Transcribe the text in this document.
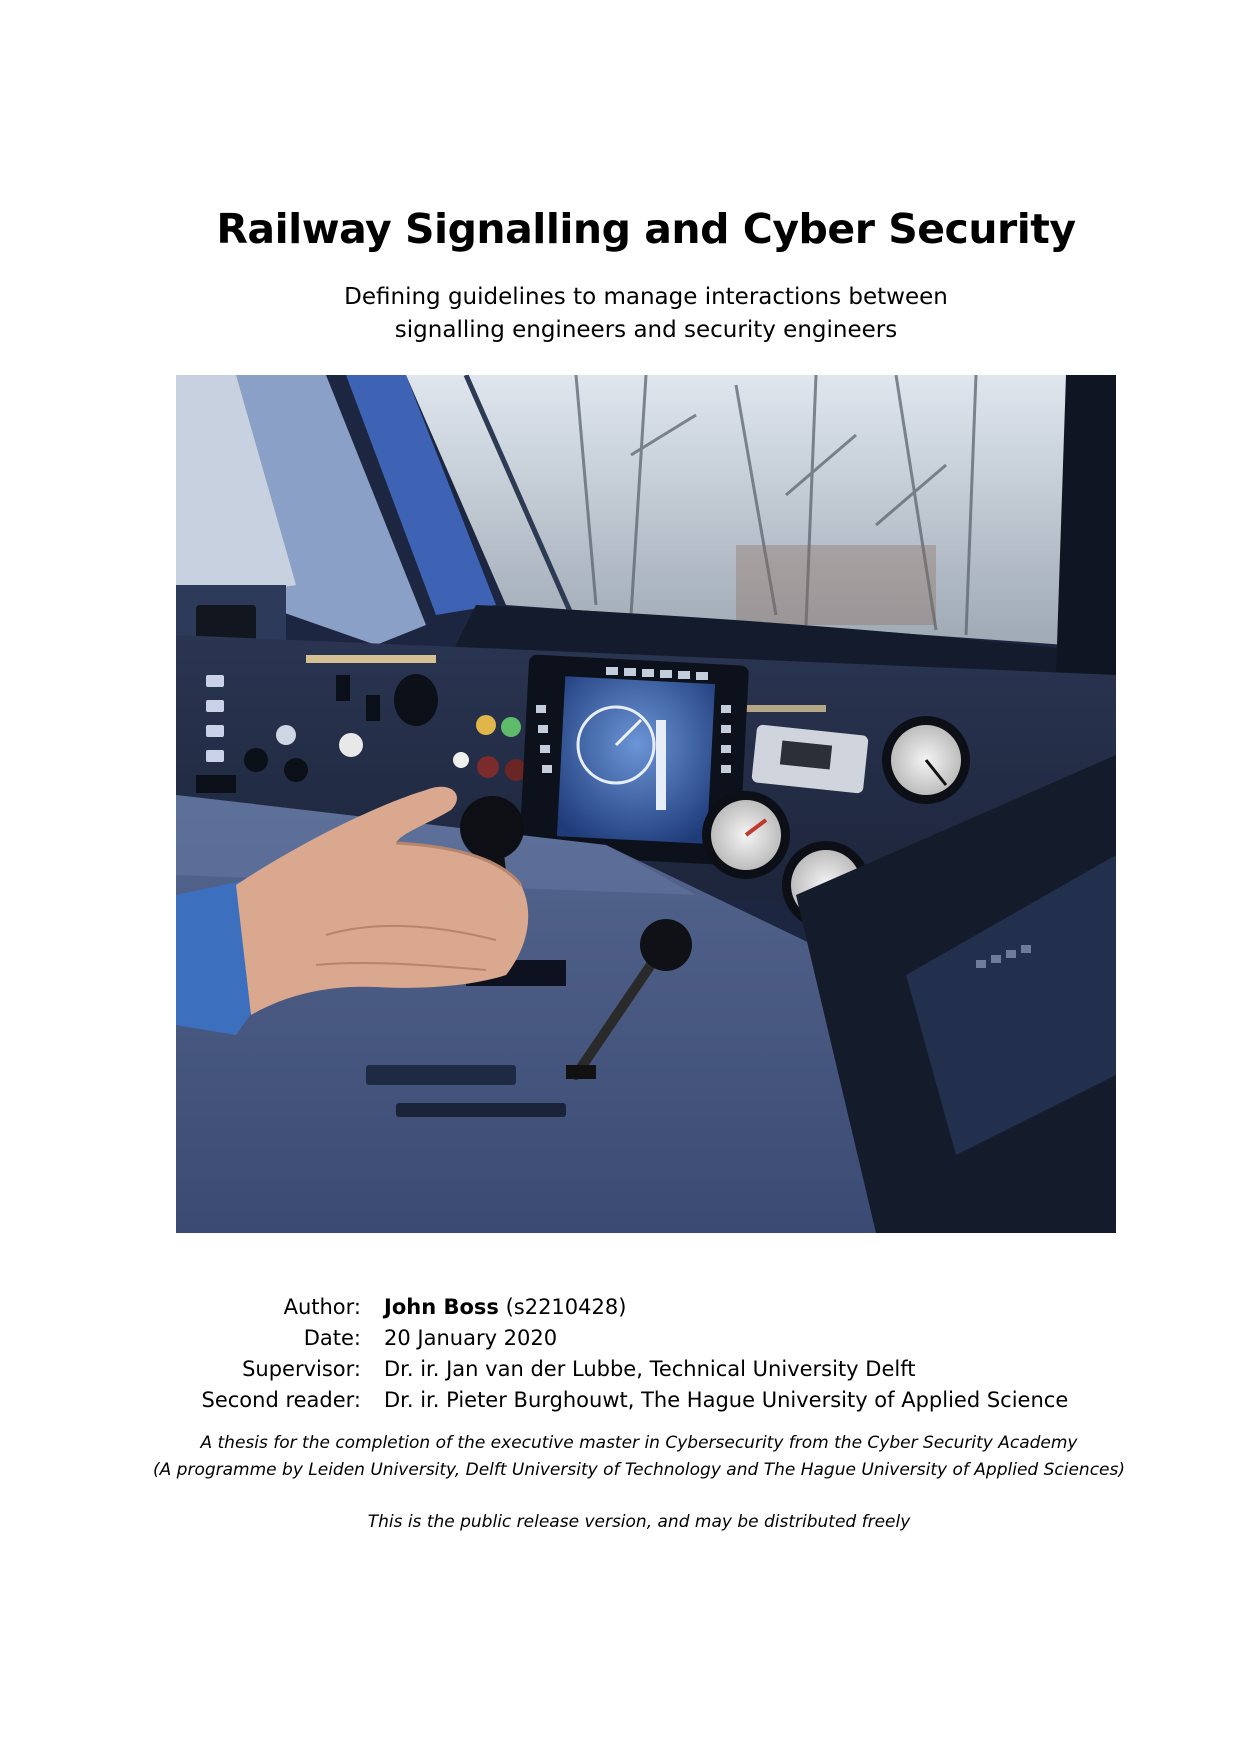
Railway Signalling and Cyber Security
Defining guidelines to manage interactions between
signalling engineers and security engineers
Author: John Boss (s2210428)
Date: 20 January 2020
Supervisor: Dr. ir. Jan van der Lubbe, Technical University Delft
Second reader: Dr. ir. Pieter Burghouwt, The Hague University of Applied Science
A thesis for the completion of the executive master in Cybersecurity from the Cyber Security Academy
(A programme by Leiden University, Delft University of Technology and The Hague University of Applied Sciences)
This is the public release version, and may be distributed freely
